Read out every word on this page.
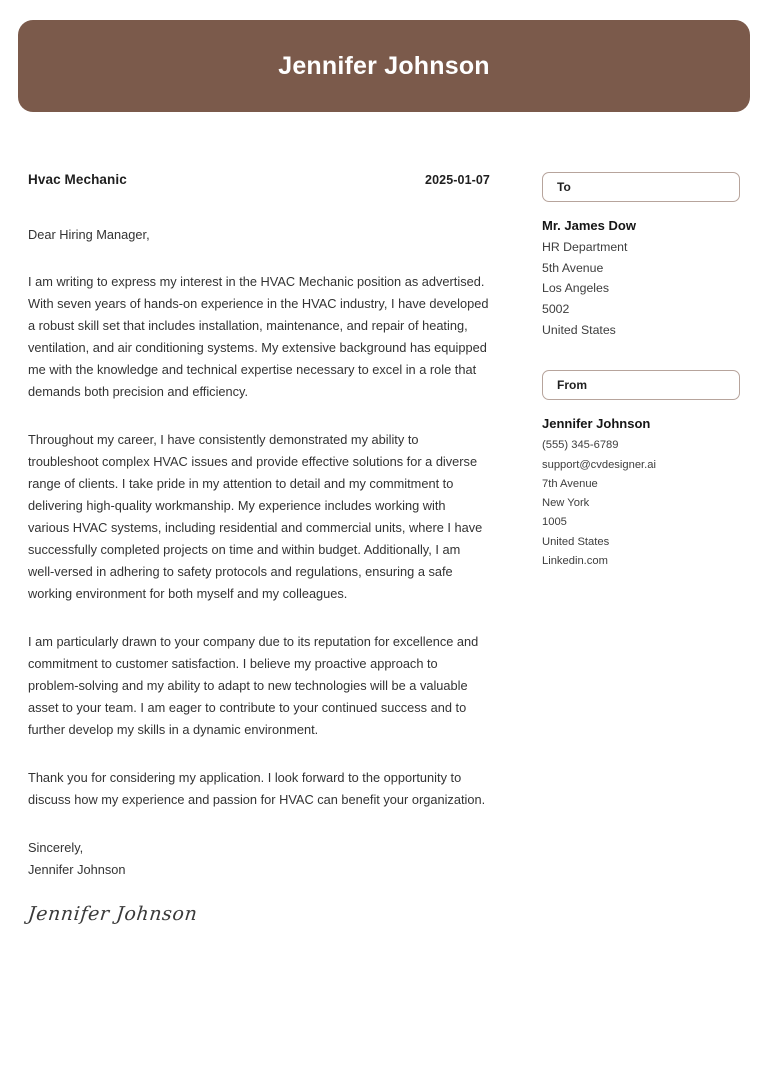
Jennifer Johnson
Hvac Mechanic	2025-01-07
Dear Hiring Manager,

I am writing to express my interest in the HVAC Mechanic position as advertised. With seven years of hands-on experience in the HVAC industry, I have developed a robust skill set that includes installation, maintenance, and repair of heating, ventilation, and air conditioning systems. My extensive background has equipped me with the knowledge and technical expertise necessary to excel in a role that demands both precision and efficiency.

Throughout my career, I have consistently demonstrated my ability to troubleshoot complex HVAC issues and provide effective solutions for a diverse range of clients. I take pride in my attention to detail and my commitment to delivering high-quality workmanship. My experience includes working with various HVAC systems, including residential and commercial units, where I have successfully completed projects on time and within budget. Additionally, I am well-versed in adhering to safety protocols and regulations, ensuring a safe working environment for both myself and my colleagues.

I am particularly drawn to your company due to its reputation for excellence and commitment to customer satisfaction. I believe my proactive approach to problem-solving and my ability to adapt to new technologies will be a valuable asset to your team. I am eager to contribute to your continued success and to further develop my skills in a dynamic environment.

Thank you for considering my application. I look forward to the opportunity to discuss how my experience and passion for HVAC can benefit your organization.

Sincerely,
Jennifer Johnson
Jennifer Johnson
To
Mr. James Dow
HR Department
5th Avenue
Los Angeles
5002
United States
From
Jennifer Johnson
(555) 345-6789
support@cvdesigner.ai
7th Avenue
New York
1005
United States
Linkedin.com
